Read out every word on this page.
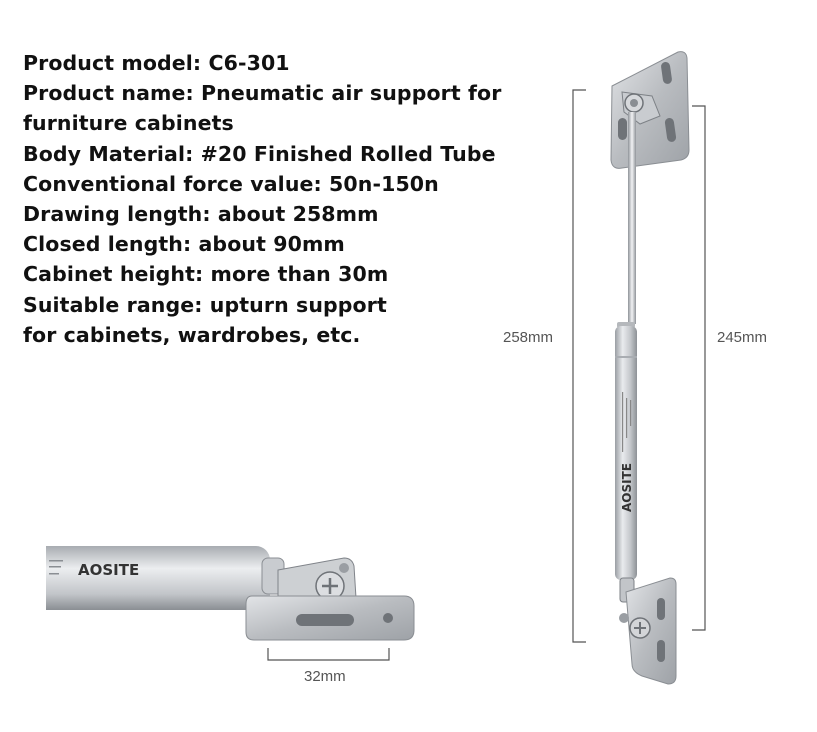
Product model: C6-301
Product name: Pneumatic air support for
furniture cabinets
Body Material: #20 Finished Rolled Tube
Conventional force value: 50n-150n
Drawing length: about 258mm
Closed length: about 90mm
Cabinet height: more than 30m
Suitable range: upturn support
for cabinets, wardrobes, etc.
AOSITE
AOSITE
258mm	245mm
32mm
